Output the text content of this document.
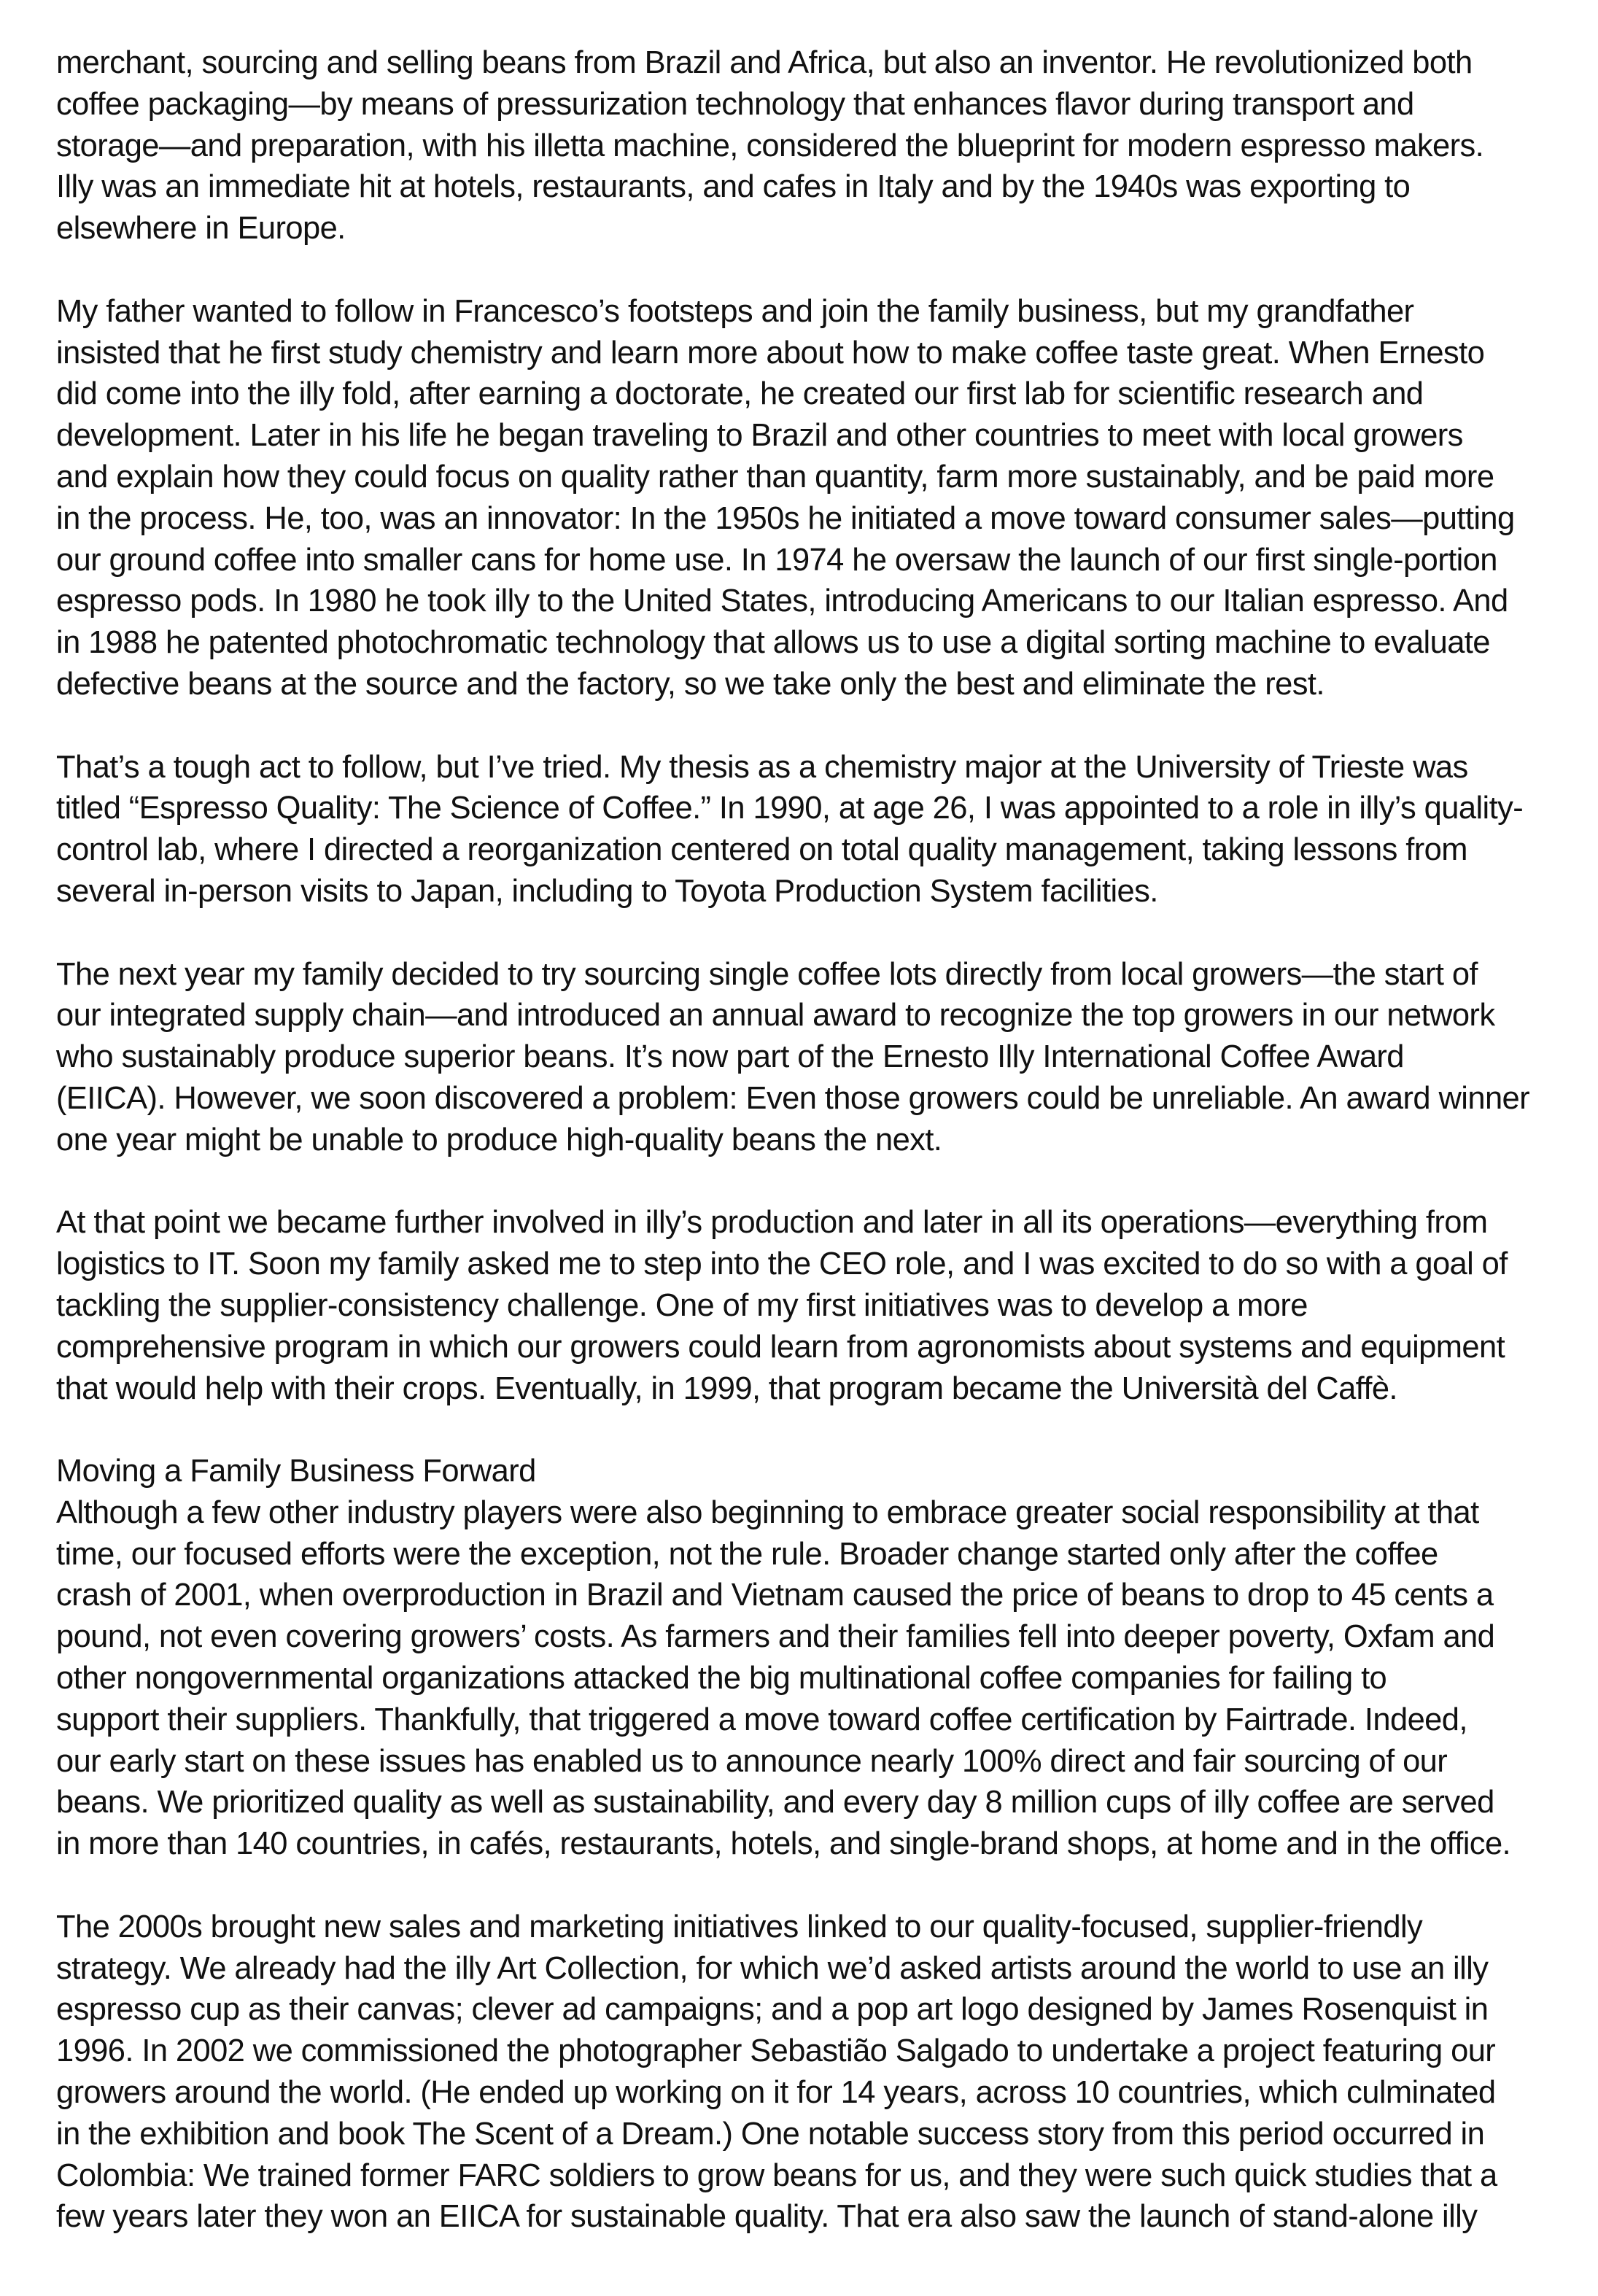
merchant, sourcing and selling beans from Brazil and Africa, but also an inventor. He revolutionized both
coffee packaging—by means of pressurization technology that enhances flavor during transport and
storage—and preparation, with his illetta machine, considered the blueprint for modern espresso makers.
Illy was an immediate hit at hotels, restaurants, and cafes in Italy and by the 1940s was exporting to
elsewhere in Europe.

My father wanted to follow in Francesco’s footsteps and join the family business, but my grandfather
insisted that he first study chemistry and learn more about how to make coffee taste great. When Ernesto
did come into the illy fold, after earning a doctorate, he created our first lab for scientific research and
development. Later in his life he began traveling to Brazil and other countries to meet with local growers
and explain how they could focus on quality rather than quantity, farm more sustainably, and be paid more
in the process. He, too, was an innovator: In the 1950s he initiated a move toward consumer sales—putting
our ground coffee into smaller cans for home use. In 1974 he oversaw the launch of our first single-portion
espresso pods. In 1980 he took illy to the United States, introducing Americans to our Italian espresso. And
in 1988 he patented photochromatic technology that allows us to use a digital sorting machine to evaluate
defective beans at the source and the factory, so we take only the best and eliminate the rest.

That’s a tough act to follow, but I’ve tried. My thesis as a chemistry major at the University of Trieste was
titled “Espresso Quality: The Science of Coffee.” In 1990, at age 26, I was appointed to a role in illy’s quality-
control lab, where I directed a reorganization centered on total quality management, taking lessons from
several in-person visits to Japan, including to Toyota Production System facilities.

The next year my family decided to try sourcing single coffee lots directly from local growers—the start of
our integrated supply chain—and introduced an annual award to recognize the top growers in our network
who sustainably produce superior beans. It’s now part of the Ernesto Illy International Coffee Award
(EIICA). However, we soon discovered a problem: Even those growers could be unreliable. An award winner
one year might be unable to produce high-quality beans the next.

At that point we became further involved in illy’s production and later in all its operations—everything from
logistics to IT. Soon my family asked me to step into the CEO role, and I was excited to do so with a goal of
tackling the supplier-consistency challenge. One of my first initiatives was to develop a more
comprehensive program in which our growers could learn from agronomists about systems and equipment
that would help with their crops. Eventually, in 1999, that program became the Università del Caffè.

Moving a Family Business Forward

Although a few other industry players were also beginning to embrace greater social responsibility at that
time, our focused efforts were the exception, not the rule. Broader change started only after the coffee
crash of 2001, when overproduction in Brazil and Vietnam caused the price of beans to drop to 45 cents a
pound, not even covering growers’ costs. As farmers and their families fell into deeper poverty, Oxfam and
other nongovernmental organizations attacked the big multinational coffee companies for failing to
support their suppliers. Thankfully, that triggered a move toward coffee certification by Fairtrade. Indeed,
our early start on these issues has enabled us to announce nearly 100% direct and fair sourcing of our
beans. We prioritized quality as well as sustainability, and every day 8 million cups of illy coffee are served
in more than 140 countries, in cafés, restaurants, hotels, and single-brand shops, at home and in the office.

The 2000s brought new sales and marketing initiatives linked to our quality-focused, supplier-friendly
strategy. We already had the illy Art Collection, for which we’d asked artists around the world to use an illy
espresso cup as their canvas; clever ad campaigns; and a pop art logo designed by James Rosenquist in
1996. In 2002 we commissioned the photographer Sebastião Salgado to undertake a project featuring our
growers around the world. (He ended up working on it for 14 years, across 10 countries, which culminated
in the exhibition and book The Scent of a Dream.) One notable success story from this period occurred in
Colombia: We trained former FARC soldiers to grow beans for us, and they were such quick studies that a
few years later they won an EIICA for sustainable quality. That era also saw the launch of stand-alone illy
